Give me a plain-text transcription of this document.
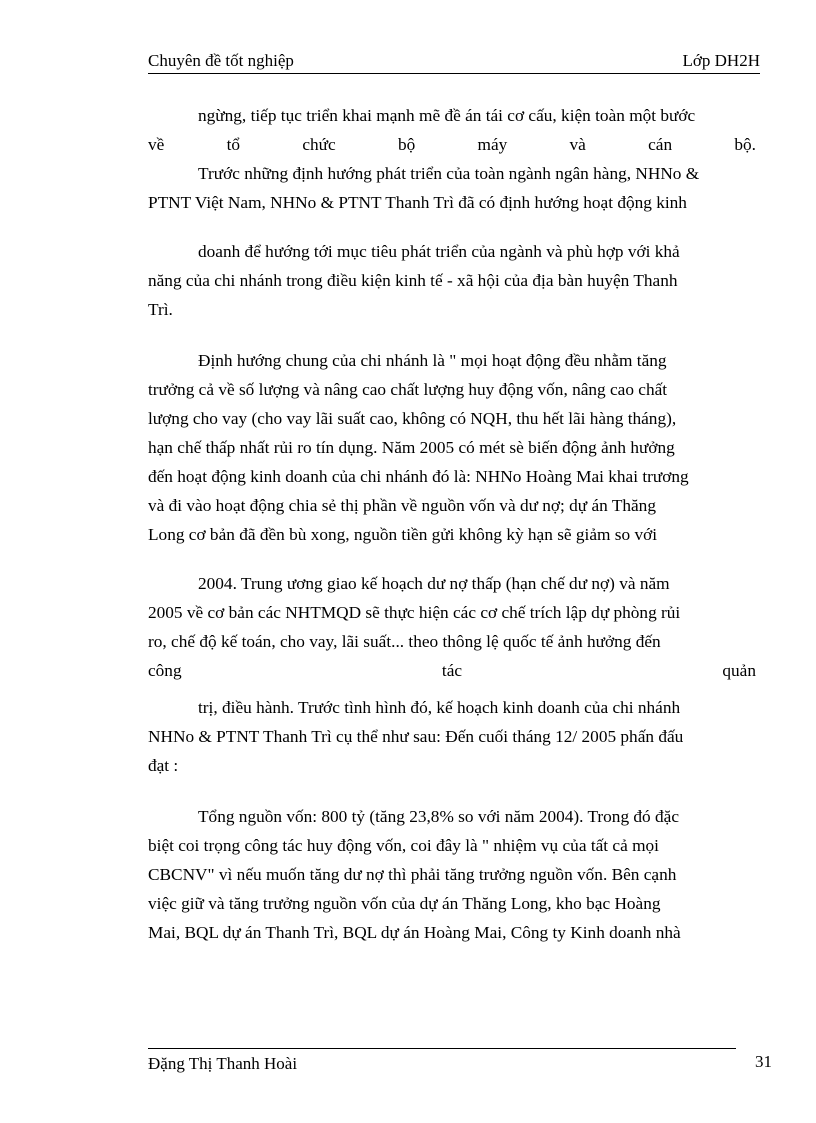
Chuyên đề tốt nghiệp	Lớp DH2H
ngừng, tiếp tục triển khai mạnh mẽ đề án tái cơ cấu, kiện toàn một bước
về tổ chức bộ máy và cán bộ.
Trước những định hướng phát triển của toàn ngành ngân hàng, NHNo &
PTNT Việt Nam, NHNo & PTNT Thanh Trì đã có định hướng hoạt động kinh
doanh để hướng tới mục tiêu phát triển của ngành và phù hợp với khả
năng của chi nhánh trong điều kiện kinh tế - xã hội của địa bàn huyện Thanh
Trì.
Định hướng chung của chi nhánh là " mọi hoạt động đều nhằm tăng
trưởng cả về số lượng và nâng cao chất lượng huy động vốn, nâng cao chất
lượng cho vay (cho vay lãi suất cao, không có NQH, thu hết lãi hàng tháng),
hạn chế thấp nhất rủi ro tín dụng. Năm 2005 có mét sè biến động ảnh hưởng
đến hoạt động kinh doanh của chi nhánh đó là: NHNo Hoàng Mai khai trương
và đi vào hoạt động chia sẻ thị phần về nguồn vốn và dư nợ; dự án Thăng
Long cơ bản đã đền bù xong, nguồn tiền gửi không kỳ hạn sẽ giảm so với
2004. Trung ương giao kế hoạch dư nợ thấp (hạn chế dư nợ) và năm
2005 về cơ bản các NHTMQD sẽ thực hiện các cơ chế trích lập dự phòng rủi
ro, chế độ kế toán, cho vay, lãi suất... theo thông lệ quốc tế ảnh hưởng đến
công tác quản
trị, điều hành. Trước tình hình đó, kế hoạch kinh doanh của chi nhánh
NHNo & PTNT Thanh Trì cụ thể như sau: Đến cuối tháng 12/ 2005 phấn đấu
đạt :
Tổng nguồn vốn: 800 tỷ (tăng 23,8% so với năm 2004). Trong đó đặc
biệt coi trọng công tác huy động vốn, coi đây là " nhiệm vụ của tất cả mọi
CBCNV" vì nếu muốn tăng dư nợ thì phải tăng trưởng nguồn vốn. Bên cạnh
việc giữ và tăng trưởng nguồn vốn của dự án Thăng Long, kho bạc Hoàng
Mai, BQL dự án Thanh Trì, BQL dự án Hoàng Mai, Công ty Kinh doanh nhà
Đặng Thị Thanh Hoài	31
